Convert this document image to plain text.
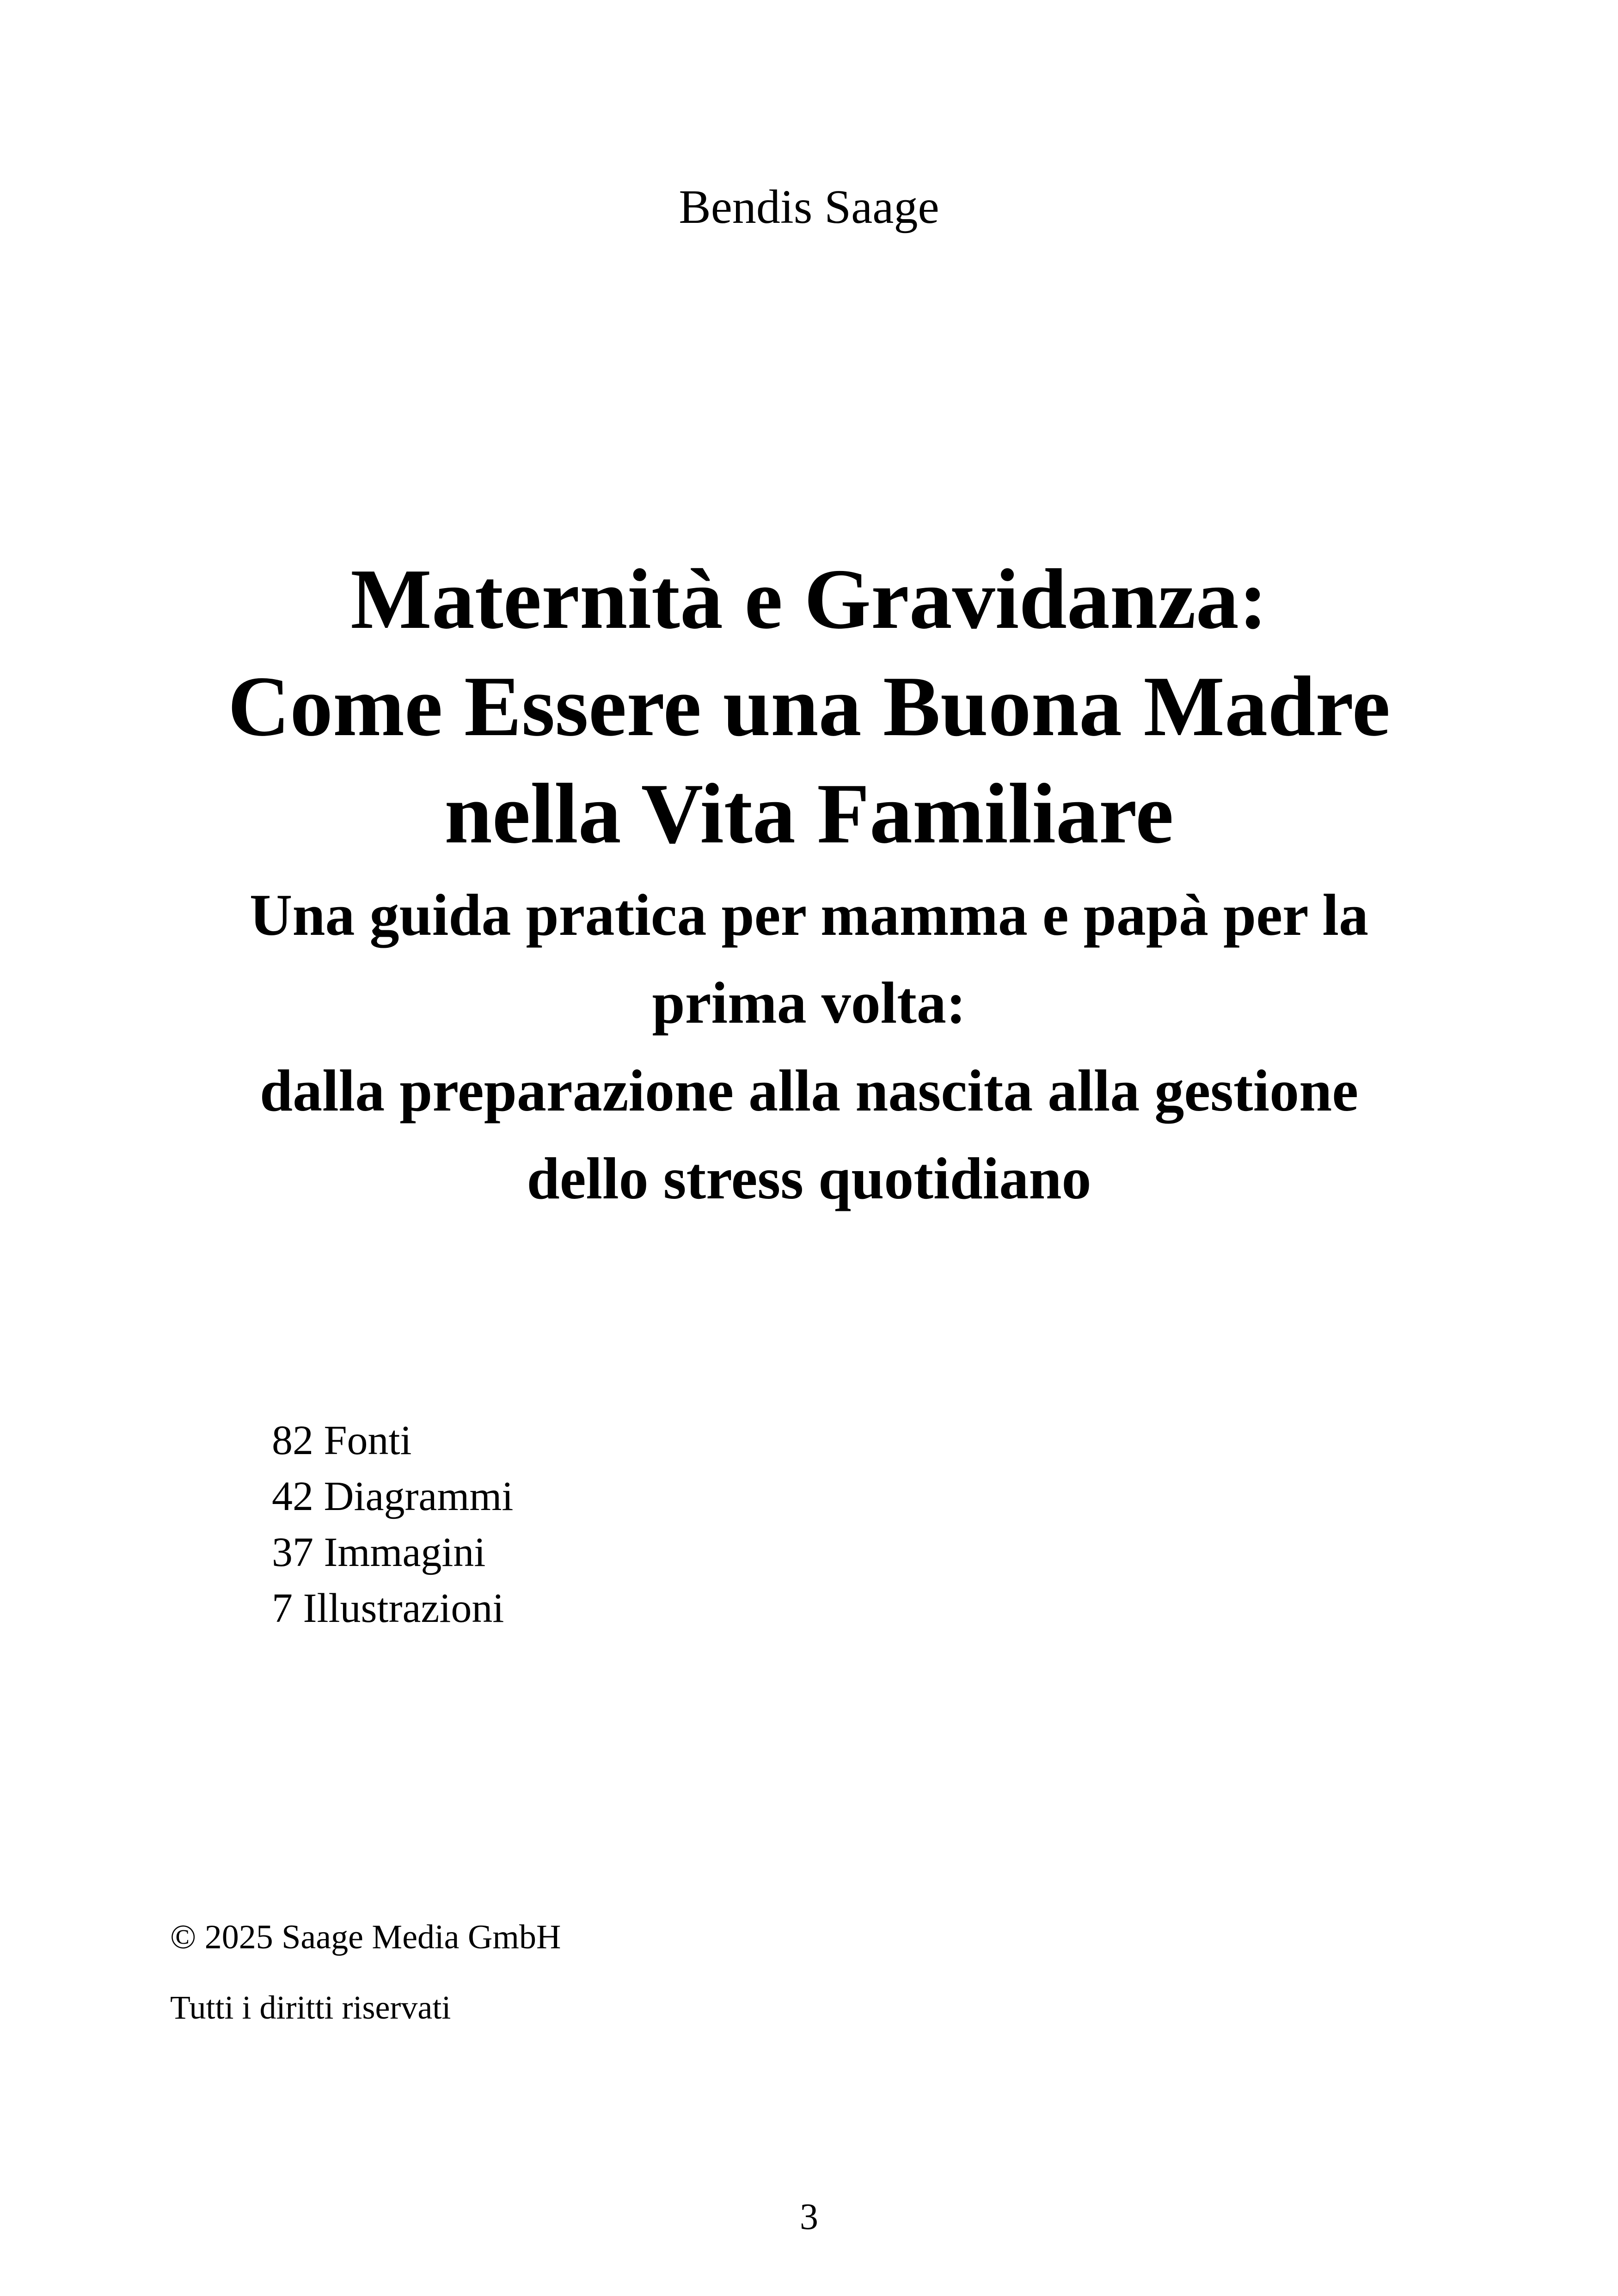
Bendis Saage
Maternità e Gravidanza:
Come Essere una Buona Madre
nella Vita Familiare
Una guida pratica per mamma e papà per la
prima volta:
dalla preparazione alla nascita alla gestione
dello stress quotidiano
82 Fonti
42 Diagrammi
37 Immagini
7 Illustrazioni
© 2025 Saage Media GmbH
Tutti i diritti riservati
3
